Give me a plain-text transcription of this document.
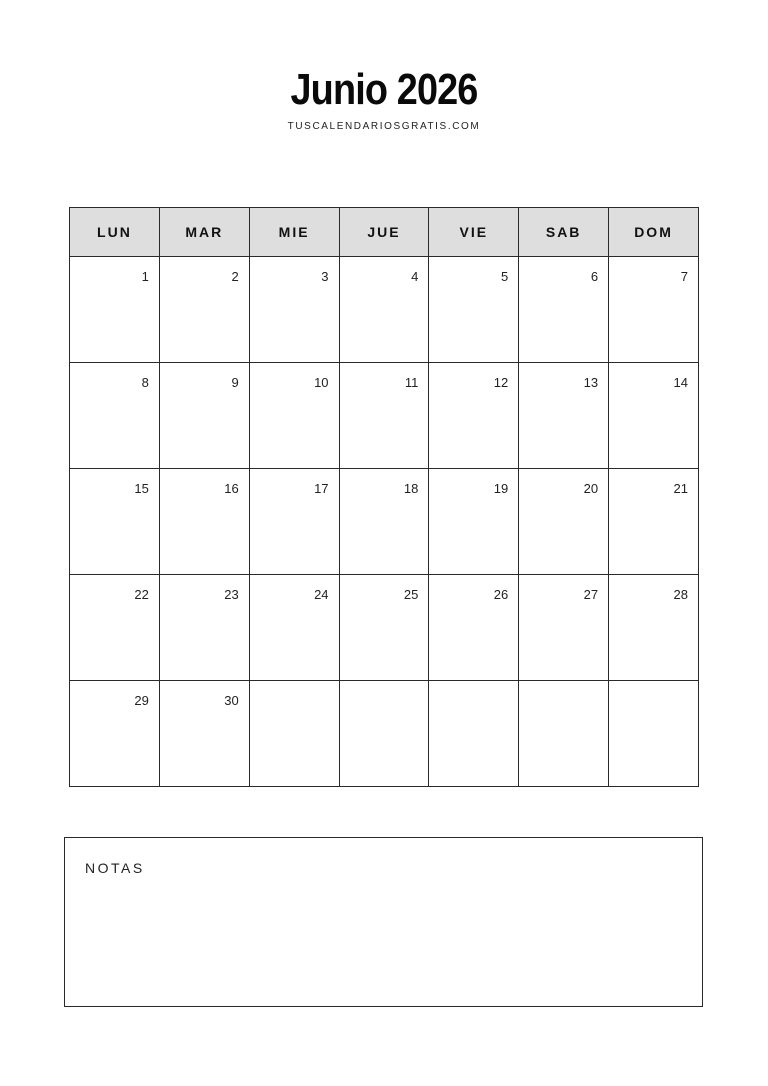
Junio 2026
TUSCALENDARIOSGRATIS.COM
LUN	MAR	MIE	JUE	VIE	SAB	DOM

1	2	3	4	5	6	7

8	9	10	11	12	13	14

15	16	17	18	19	20	21

22	23	24	25	26	27	28

29	30					

NOTAS
